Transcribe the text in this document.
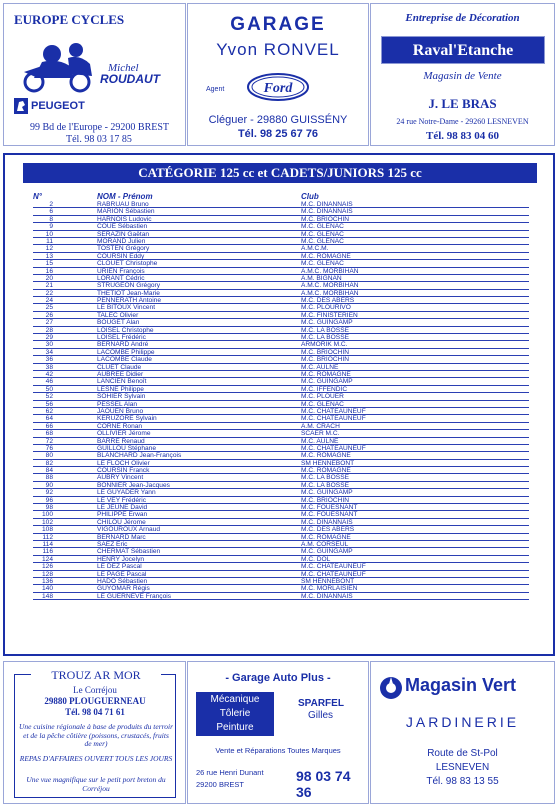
EUROPE CYCLES
Michel
ROUDAUT
PEUGEOT
99 Bd de l'Europe - 29200 BREST
Tél. 98 03 17 85
GARAGE
Yvon RONVEL
Agent	Ford
Cléguer - 29880 GUISSÉNY
Tél. 98 25 67 76
Entreprise de Décoration
Raval'Etanche
Magasin de Vente
J. LE BRAS
24 rue Notre-Dame - 29260 LESNEVEN
Tél. 98 83 04 60
CATÉGORIE 125 cc et CADETS/JUNIORS 125 cc
N°	NOM - Prénom	Club
2	RABRUAU Bruno	M.C. DINANNAIS
6	MARION Sébastien	M.C. DINANNAIS
8	HARNOIS Ludovic	M.C. BRIOCHIN
9	COUE Sébastien	M.C. GLENAC
10	SERAZIN Gaëtan	M.C. GLENAC
11	MORAND Julien	M.C. GLENAC
12	TOSTEN Grégory	A.M.C.M.
13	COURSIN Eddy	M.C. ROMAGNE
15	CLOUET Christophe	M.C. GLENAC
16	URIEN François	A.M.C. MORBIHAN
20	LORANT Cédric	A.M. BIGNAN
21	STRUGEON Grégory	A.M.C. MORBIHAN
22	THETIOT Jean-Marie	A.M.C. MORBIHAN
24	PENNERATH Antoine	M.C. DES ABERS
25	LE BITOUX Vincent	M.C. PLOURIVO
26	TALEC Olivier	M.C. FINISTERIEN
27	BOUGET Alan	M.C. GUINGAMP
28	LOISEL Christophe	M.C. LA BOSSE
29	LOISEL Frédéric	M.C. LA BOSSE
30	BERNARD André	ARMORIK M.C.
34	LACOMBE Philippe	M.C. BRIOCHIN
36	LACOMBE Claude	M.C. BRIOCHIN
38	CLUET Claude	M.C. AULNE
42	AUBREE Didier	M.C. ROMAGNE
46	LANCIEN Benoît	M.C. GUINGAMP
50	LESNE Philippe	M.C. IFFENDIC
52	SOHIER Sylvain	M.C. PLOUER
56	PESSEL Alan	M.C. GLENAC
62	JAOUEN Bruno	M.C. CHATEAUNEUF
64	KERUZORE Sylvain	M.C. CHATEAUNEUF
66	CORNE Ronan	A.M. CRACH
68	OLLIVIER Jérome	SCAER M.C.
72	BARRE Renaud	M.C. AULNE
76	GUILLOU Stéphane	M.C. CHATEAUNEUF
80	BLANCHARD Jean-François	M.C. ROMAGNE
82	LE FLOCH Olivier	SM HENNEBONT
84	COURSIN Franck	M.C. ROMAGNE
88	AUBRY Vincent	M.C. LA BOSSE
90	BONNIER Jean-Jacques	M.C. LA BOSSE
92	LE GUYADER Yann	M.C. GUINGAMP
96	LE VEY Frédéric	M.C. BRIOCHIN
98	LE JEUNE David	M.C. FOUESNANT
100	PHILIPPE Erwan	M.C. FOUESNANT
102	CHILOU Jérome	M.C. DINANNAIS
108	VIGOUROUX Arnaud	M.C. DES ABERS
112	BERNARD Marc	M.C. ROMAGNE
114	SAEZ Eric	A.M. CORSEUL
116	CHERMAT Sébastien	M.C. GUINGAMP
124	HENRY Jocelyn	M.C. DOL
126	LE DEZ Pascal	M.C. CHATEAUNEUF
128	LE PAGE Pascal	M.C. CHATEAUNEUF
136	HADO Sébastien	SM HENNEBONT
140	GUYOMAR Régis	M.C. MORLAISIEN
148	LE GUERNEVE François	M.C. DINANNAIS
TROUZ AR MOR
Le Corréjou
29880 PLOUGUERNEAU
Tél. 98 04 71 61
Une cuisine régionale à base de produits du terroir et de la pêche côtière (poissons, crustacés, fruits de mer)
REPAS D'AFFAIRES OUVERT TOUS LES JOURS
Une vue magnifique sur le petit port breton du Corréjou
- Garage Auto Plus -
Mécanique
Tôlerie
Peinture
SPARFEL
Gilles
Vente et Réparations Toutes Marques
26 rue Henri Dunant
29200 BREST
98 03 74 36
Magasin Vert
JARDINERIE
Route de St-Pol
LESNEVEN
Tél. 98 83 13 55
